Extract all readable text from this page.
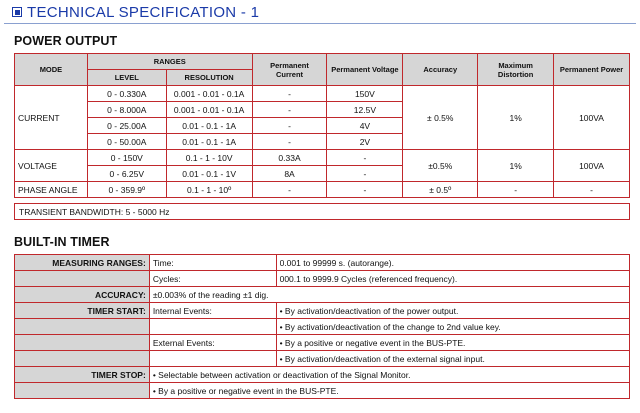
TECHNICAL SPECIFICATION - 1
POWER OUTPUT
MODE	RANGES		Permanent Current	Permanent Voltage	Accuracy	Maximum Distortion	Permanent Power
	LEVEL	RESOLUTION					
CURRENT	0 - 0.330A	0.001 - 0.01 - 0.1A	-	150V	± 0.5%	1%	100VA
	0 - 8.000A	0.001 - 0.01 - 0.1A	-	12.5V			
	0 - 25.00A	0.01 - 0.1 - 1A	-	4V			
	0 - 50.00A	0.01 - 0.1 - 1A	-	2V			
VOLTAGE	0 - 150V	0.1 - 1 - 10V	0.33A	-	±0.5%	1%	100VA
	0 - 6.25V	0.01 - 0.1 - 1V	8A	-			
PHASE ANGLE	0 - 359.9º	0.1 - 1 - 10º	-	-	± 0.5º	-	-
TRANSIENT BANDWIDTH: 5 - 5000 Hz
BUILT-IN TIMER
MEASURING RANGES:	Time:	0.001 to 99999 s. (autorange).
	Cycles:	000.1 to 9999.9 Cycles (referenced frequency).
ACCURACY:	±0.003% of the reading ±1 dig.	
TIMER START:	Internal Events:	• By activation/deactivation of the power output.
		• By activation/deactivation of the change to 2nd value key.
	External Events:	• By a positive or negative event in the BUS-PTE.
		• By activation/deactivation of the external signal input.
TIMER STOP:	• Selectable between activation or deactivation of the Signal Monitor.	
	• By a positive or negative event in the BUS-PTE.	
